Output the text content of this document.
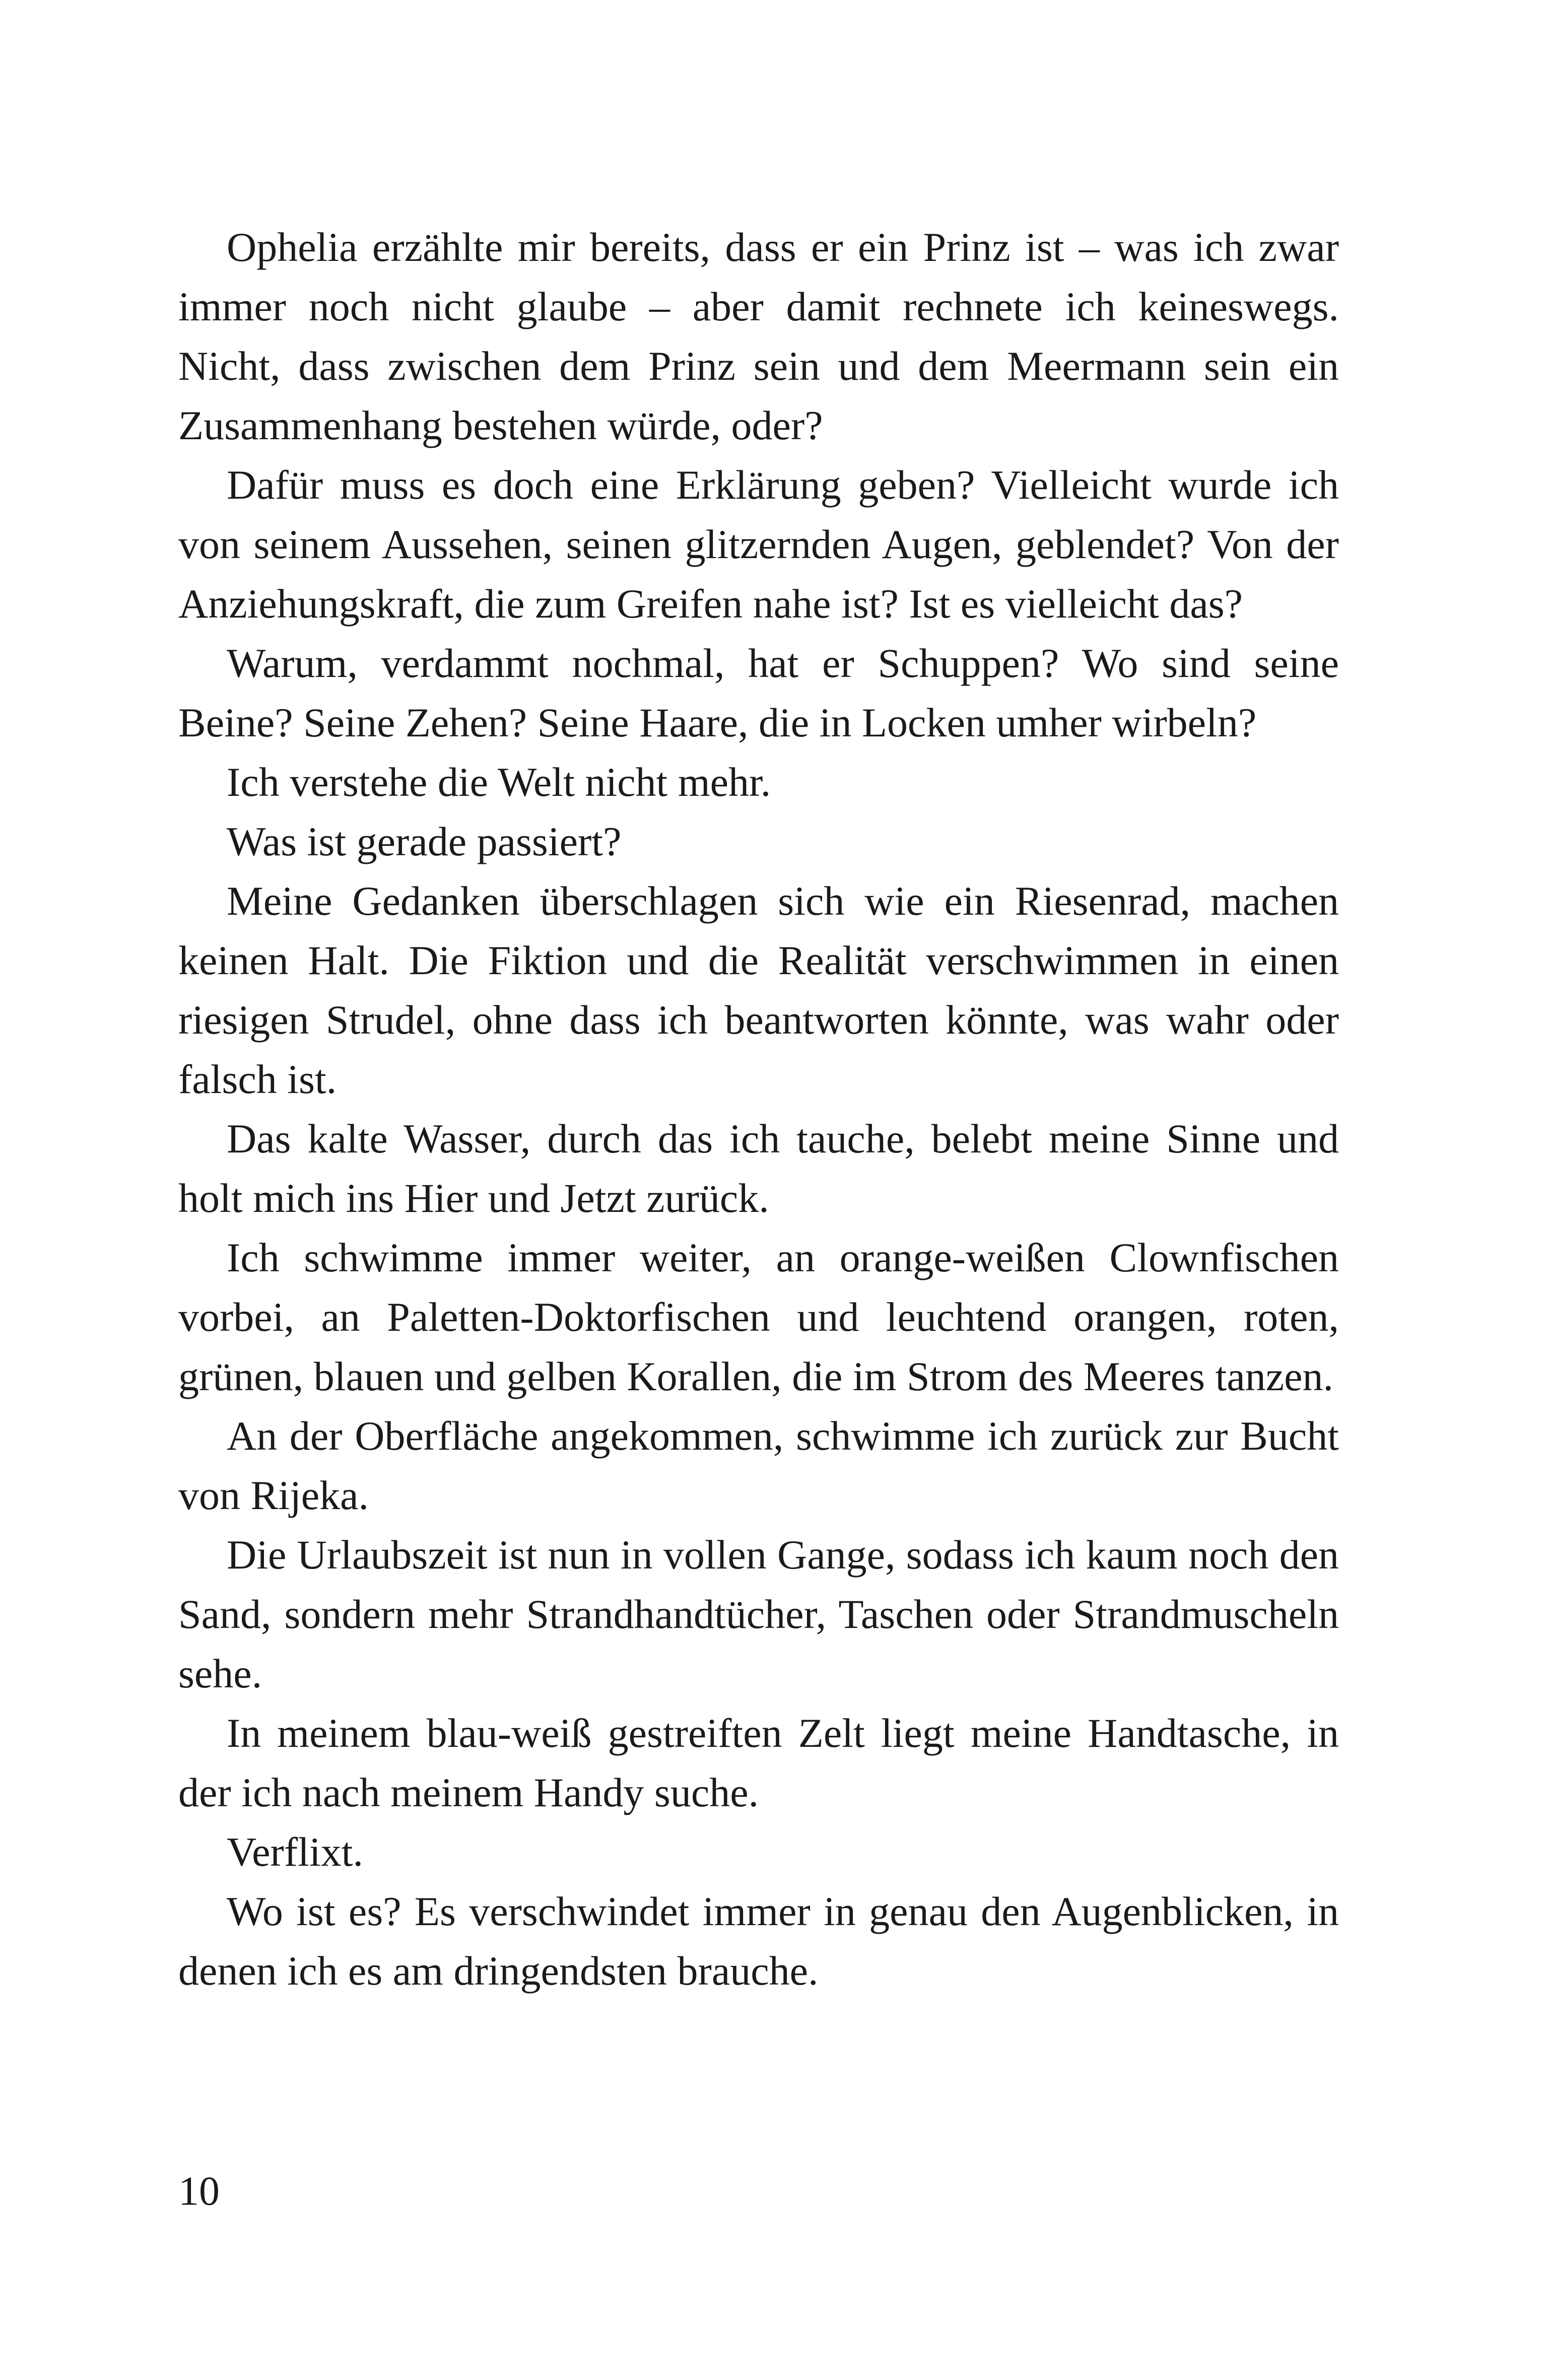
Ophelia erzählte mir bereits, dass er ein Prinz ist – was ich zwar immer noch nicht glaube – aber damit rechnete ich keineswegs. Nicht, dass zwischen dem Prinz sein und dem Meermann sein ein Zusammenhang bestehen würde, oder?

Dafür muss es doch eine Erklärung geben? Vielleicht wurde ich von seinem Aussehen, seinen glitzernden Augen, geblendet? Von der Anziehungskraft, die zum Greifen nahe ist? Ist es vielleicht das?

Warum, verdammt nochmal, hat er Schuppen? Wo sind seine Beine? Seine Zehen? Seine Haare, die in Locken umher wirbeln?

Ich verstehe die Welt nicht mehr.

Was ist gerade passiert?

Meine Gedanken überschlagen sich wie ein Riesenrad, machen keinen Halt. Die Fiktion und die Realität verschwimmen in einen riesigen Strudel, ohne dass ich beantworten könnte, was wahr oder falsch ist.

Das kalte Wasser, durch das ich tauche, belebt meine Sinne und holt mich ins Hier und Jetzt zurück.

Ich schwimme immer weiter, an orange-weißen Clownfischen vorbei, an Paletten-Doktorfischen und leuchtend orangen, roten, grünen, blauen und gelben Korallen, die im Strom des Meeres tanzen.

An der Oberfläche angekommen, schwimme ich zurück zur Bucht von Rijeka.

Die Urlaubszeit ist nun in vollen Gange, sodass ich kaum noch den Sand, sondern mehr Strandhandtücher, Taschen oder Strandmuscheln sehe.

In meinem blau-weiß gestreiften Zelt liegt meine Handtasche, in der ich nach meinem Handy suche.

Verflixt.

Wo ist es? Es verschwindet immer in genau den Augenblicken, in denen ich es am dringendsten brauche.

10
